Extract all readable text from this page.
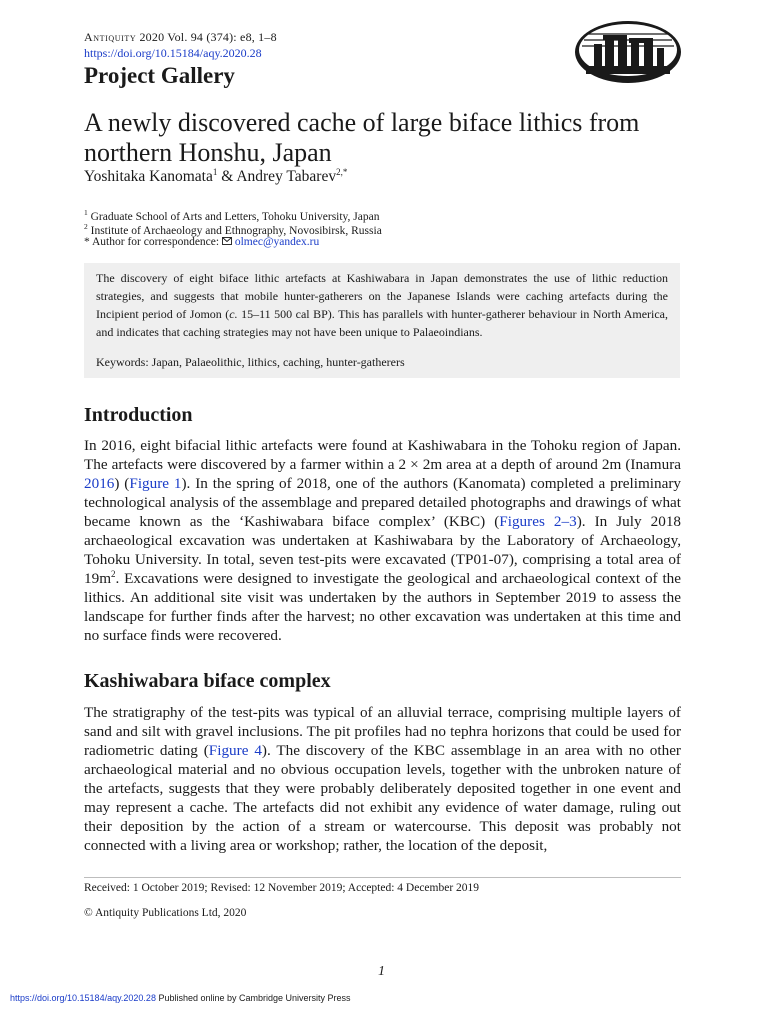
Antiquity 2020 Vol. 94 (374): e8, 1–8
https://doi.org/10.15184/aqy.2020.28
Project Gallery
A newly discovered cache of large biface lithics from northern Honshu, Japan
Yoshitaka Kanomata$^1$ & Andrey Tabarev$^{2,*}$
$^1$ Graduate School of Arts and Letters, Tohoku University, Japan
$^2$ Institute of Archaeology and Ethnography, Novosibirsk, Russia
* Author for correspondence:  olmec@yandex.ru

The discovery of eight biface lithic artefacts at Kashiwabara in Japan demonstrates the use of lithic reduction strategies, and suggests that mobile hunter-gatherers on the Japanese Islands were caching artefacts during the Incipient period of Jomon (c. 15–11 500 cal BP). This has parallels with hunter-gatherer behaviour in North America, and indicates that caching strategies may not have been unique to Palaeoindians.

Keywords: Japan, Palaeolithic, lithics, caching, hunter-gatherers
Introduction

In 2016, eight bifacial lithic artefacts were found at Kashiwabara in the Tohoku region of Japan. The artefacts were discovered by a farmer within a 2 × 2m area at a depth of around 2m (Inamura 2016) (Figure 1). In the spring of 2018, one of the authors (Kanomata) completed a preliminary technological analysis of the assemblage and prepared detailed photographs and drawings of what became known as the ‘Kashiwabara biface complex’ (KBC) (Figures 2–3). In July 2018 archaeological excavation was undertaken at Kashiwabara by the Laboratory of Archaeology, Tohoku University. In total, seven test-pits were excavated (TP01-07), comprising a total area of $19m^2$. Excavations were designed to investigate the geological and archaeological context of the lithics. An additional site visit was undertaken by the authors in September 2019 to assess the landscape for further finds after the harvest; no other excavation was undertaken at this time and no surface finds were recovered.

Kashiwabara biface complex

The stratigraphy of the test-pits was typical of an alluvial terrace, comprising multiple layers of sand and silt with gravel inclusions. The pit profiles had no tephra horizons that could be used for radiometric dating (Figure 4). The discovery of the KBC assemblage in an area with no other archaeological material and no obvious occupation levels, together with the unbroken nature of the artefacts, suggests that they were probably deliberately deposited together in one event and may represent a cache. The artefacts did not exhibit any evidence of water damage, ruling out their deposition by the action of a stream or watercourse. This deposit was probably not connected with a living area or workshop; rather, the location of the deposit,

Received: 1 October 2019; Revised: 12 November 2019; Accepted: 4 December 2019
© Antiquity Publications Ltd, 2020
1
https://doi.org/10.15184/aqy.2020.28 Published online by Cambridge University Press
